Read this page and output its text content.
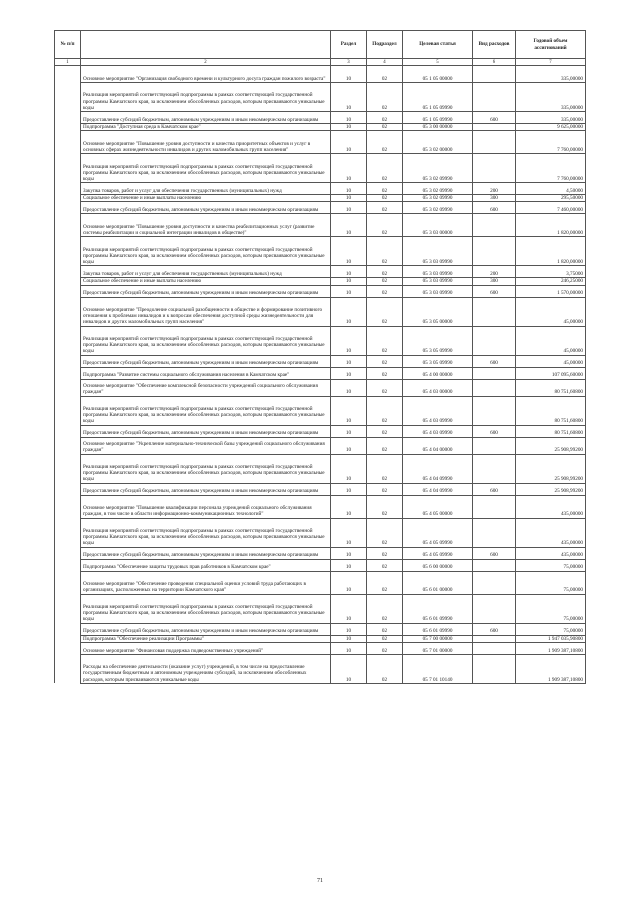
№ п/п		Раздел	Подраздел	Целевая статья	Вид расходов	Годовой объем ассигнований
1	2	3	4	5	6	7
	Основное мероприятие "Организация свободного времени и культурного досуга граждан пожилого возраста"	10	02	05 1 05 00000		335,00000
	Реализация мероприятий соответствующей подпрограммы в рамках соответствующей государственной программы Камчатского края, за исключением обособленных расходов, которым присваиваются уникальные коды	10	02	05 1 05 09990		335,00000
	Предоставление субсидий бюджетным, автономным учреждениям и иным некоммерческим организациям	10	02	05 1 05 09990	600	335,00000
	Подпрограмма "Доступная среда в Камчатском крае"	10	02	05 3 00 00000		9 625,00000
	Основное мероприятие "Повышение уровня доступности и качества приоритетных объектов и услуг в основных сферах жизнедеятельности инвалидов и других маломобильных групп населения"	10	02	05 3 02 00000		7 760,00000
	Реализация мероприятий соответствующей подпрограммы в рамках соответствующей государственной программы Камчатского края, за исключением обособленных расходов, которым присваиваются уникальные коды	10	02	05 3 02 09990		7 760,00000
	Закупка товаров, работ и услуг для обеспечения государственных (муниципальных) нужд	10	02	05 3 02 09990	200	4,50000
	Социальное обеспечение и иные выплаты населению	10	02	05 3 02 09990	300	295,50000
	Предоставление субсидий бюджетным, автономным учреждениям и иным некоммерческим организациям	10	02	05 3 02 09990	600	7 460,00000
	Основное мероприятие "Повышение уровня доступности и качества реабилитационных услуг (развитие системы реабилитации и социальной интеграции инвалидов в обществе)"	10	02	05 3 03 00000		1 820,00000
	Реализация мероприятий соответствующей подпрограммы в рамках соответствующей государственной программы Камчатского края, за исключением обособленных расходов, которым присваиваются уникальные коды	10	02	05 3 03 09990		1 820,00000
	Закупка товаров, работ и услуг для обеспечения государственных (муниципальных) нужд	10	02	05 3 03 09990	200	3,75000
	Социальное обеспечение и иные выплаты населению	10	02	05 3 03 09990	300	246,25000
	Предоставление субсидий бюджетным, автономным учреждениям и иным некоммерческим организациям	10	02	05 3 03 09990	600	1 570,00000
	Основное мероприятие "Преодоление социальной разобщенности в обществе и формирование позитивного отношения к проблемам инвалидов и к вопросам обеспечения доступной среды жизнедеятельности для инвалидов и других маломобильных групп населения"	10	02	05 3 05 00000		45,00000
	Реализация мероприятий соответствующей подпрограммы в рамках соответствующей государственной программы Камчатского края, за исключением обособленных расходов, которым присваиваются уникальные коды	10	02	05 3 05 09990		45,00000
	Предоставление субсидий бюджетным, автономным учреждениям и иным некоммерческим организациям	10	02	05 3 05 09990	600	45,00000
	Подпрограмма "Развитие системы социального обслуживания населения в Камчатском крае"	10	02	05 4 00 00000		107 095,60000
	Основное мероприятие "Обеспечение комплексной безопасности учреждений социального обслуживания граждан"	10	02	05 4 03 00000		80 751,60800
	Реализация мероприятий соответствующей подпрограммы в рамках соответствующей государственной программы Камчатского края, за исключением обособленных расходов, которым присваиваются уникальные коды	10	02	05 4 03 09990		80 751,60800
	Предоставление субсидий бюджетным, автономным учреждениям и иным некоммерческим организациям	10	02	05 4 03 09990	600	80 751,60800
	Основное мероприятие "Укрепление материально-технической базы учреждений социального обслуживания граждан"	10	02	05 4 04 00000		25 908,99200
	Реализация мероприятий соответствующей подпрограммы в рамках соответствующей государственной программы Камчатского края, за исключением обособленных расходов, которым присваиваются уникальные коды	10	02	05 4 04 09990		25 908,99200
	Предоставление субсидий бюджетным, автономным учреждениям и иным некоммерческим организациям	10	02	05 4 04 09990	600	25 908,99200
	Основное мероприятие "Повышение квалификации персонала учреждений социального обслуживания граждан, в том числе в области информационно-коммуникационных технологий"	10	02	05 4 05 00000		435,00000
	Реализация мероприятий соответствующей подпрограммы в рамках соответствующей государственной программы Камчатского края, за исключением обособленных расходов, которым присваиваются уникальные коды	10	02	05 4 05 09990		435,00000
	Предоставление субсидий бюджетным, автономным учреждениям и иным некоммерческим организациям	10	02	05 4 05 09990	600	435,00000
	Подпрограмма "Обеспечение защиты трудовых прав работников в Камчатском крае"	10	02	05 6 00 00000		75,00000
	Основное мероприятие "Обеспечение проведения специальной оценки условий труда работающих в организациях, расположенных на территории Камчатского края"	10	02	05 6 01 00000		75,00000
	Реализация мероприятий соответствующей подпрограммы в рамках соответствующей государственной программы Камчатского края, за исключением обособленных расходов, которым присваиваются уникальные коды	10	02	05 6 01 09990		75,00000
	Предоставление субсидий бюджетным, автономным учреждениям и иным некоммерческим организациям	10	02	05 6 01 09990	600	75,00000
	Подпрограмма "Обеспечение реализации Программы"	10	02	05 7 00 00000		1 947 035,90800
	Основное мероприятие "Финансовая поддержка подведомственных учреждений"	10	02	05 7 01 00000		1 909 387,10800
	Расходы на обеспечение деятельности (оказание услуг) учреждений, в том числе на предоставление государственным бюджетным и автономным учреждениям субсидий, за исключением обособленных расходов, которым присваиваются уникальные коды	10	02	05 7 01 10140		1 909 387,10800
71
